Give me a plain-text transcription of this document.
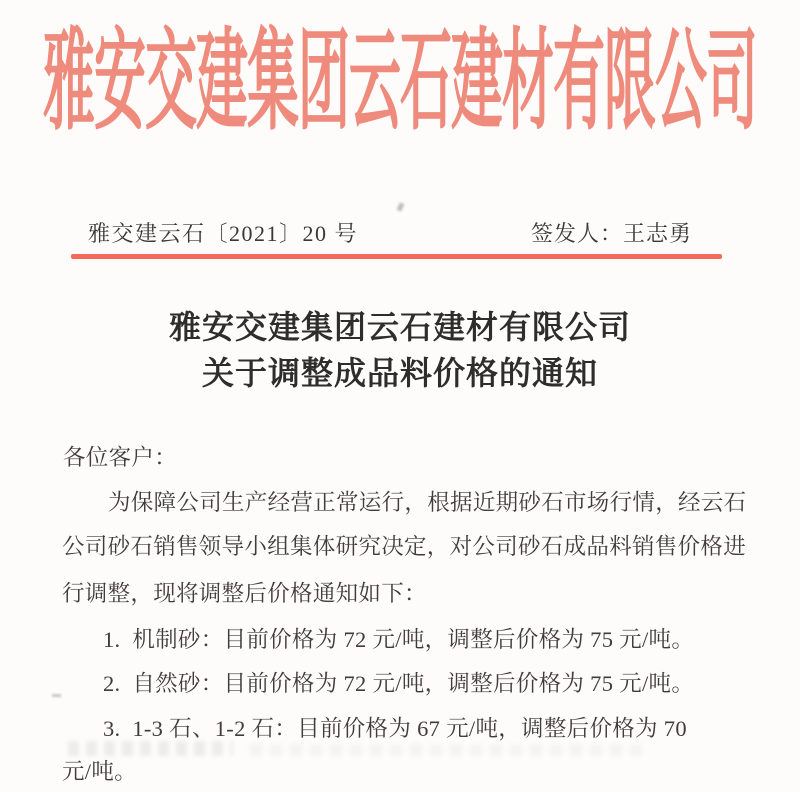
雅安交建集团云石建材有限公司
雅交建云石〔2021〕20 号	签发人：王志勇
雅安交建集团云石建材有限公司
关于调整成品料价格的通知
各位客户：
为保障公司生产经营正常运行，根据近期砂石市场行情，经云石
公司砂石销售领导小组集体研究决定，对公司砂石成品料销售价格进
行调整，现将调整后价格通知如下：
1.  机制砂：目前价格为 72 元/吨，调整后价格为 75 元/吨。
2.  自然砂：目前价格为 72 元/吨，调整后价格为 75 元/吨。
3.  1-3 石、1-2 石：目前价格为 67 元/吨，调整后价格为 70
元/吨。
